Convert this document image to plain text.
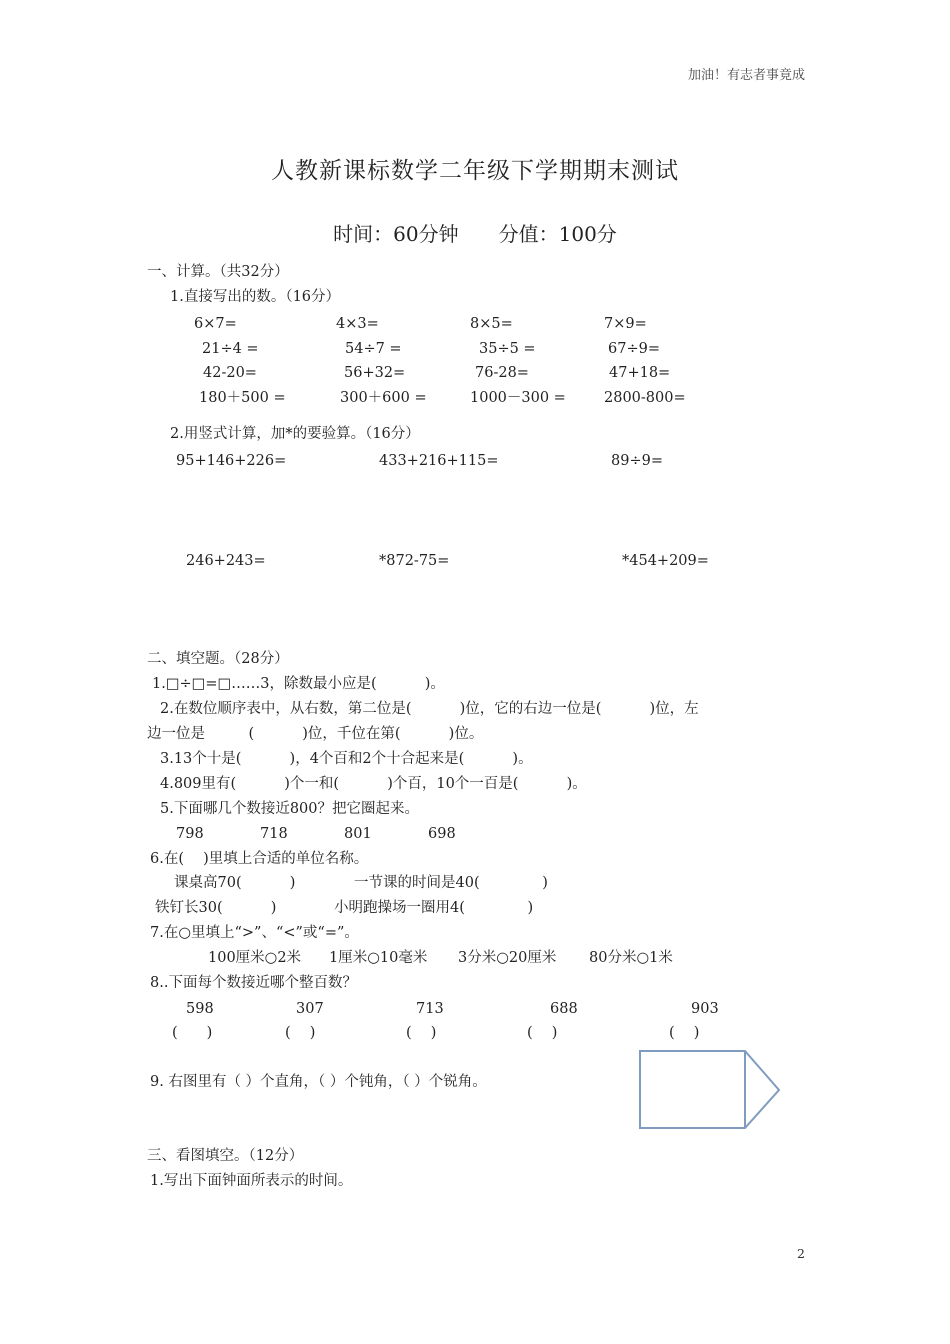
加油！有志者事竟成
人教新课标数学二年级下学期期末测试
时间：60分钟 分值：100分
一、计算。（共32分）
1.直接写出的数。（16分）
6×7=	4×3=	8×5=	7×9=
21÷4 =	54÷7 =	35÷5 =	67÷9=
42-20=	56+32=	76-28=	47+18=
180＋500 =	300＋600 =	1000－300 =	2800-800=
2.用竖式计算，加*的要验算。（16分）
95+146+226=	433+216+115=	89÷9=
246+243=	*872-75=	*454+209=
二、填空题。（28分）
1.□÷□=□……3，除数最小应是(　　　 )。
2.在数位顺序表中，从右数，第二位是(　　　 )位，它的右边一位是(　　　 )位，左
边一位是　　　(　　　 )位，千位在第(　　　 )位。
3.13个十是(　　　 )，4个百和2个十合起来是(　　　 )。
4.809里有(　　　 )个一和(　　　 )个百，10个一百是(　　　 )。
5.下面哪几个数接近800？把它圈起来。
798	718	801	698
6.在(　 )里填上合适的单位名称。
课桌高70(　　　 )	一节课的时间是40(　　　　 )
铁钉长30(　　　 )	小明跑操场一圈用4(　　　　 )
7.在○里填上“>”、“<”或“=”。
100厘米○2米 1厘米○10毫米 3分米○20厘米 80分米○1米
8..下面每个数接近哪个整百数？
598	307	713	688	903
(　　)	(　 )	(　 )	(　 )	(　 )
9. 右图里有（ ）个直角，（ ）个钝角，（ ）个锐角。
三、看图填空。（12分）
1.写出下面钟面所表示的时间。
2
